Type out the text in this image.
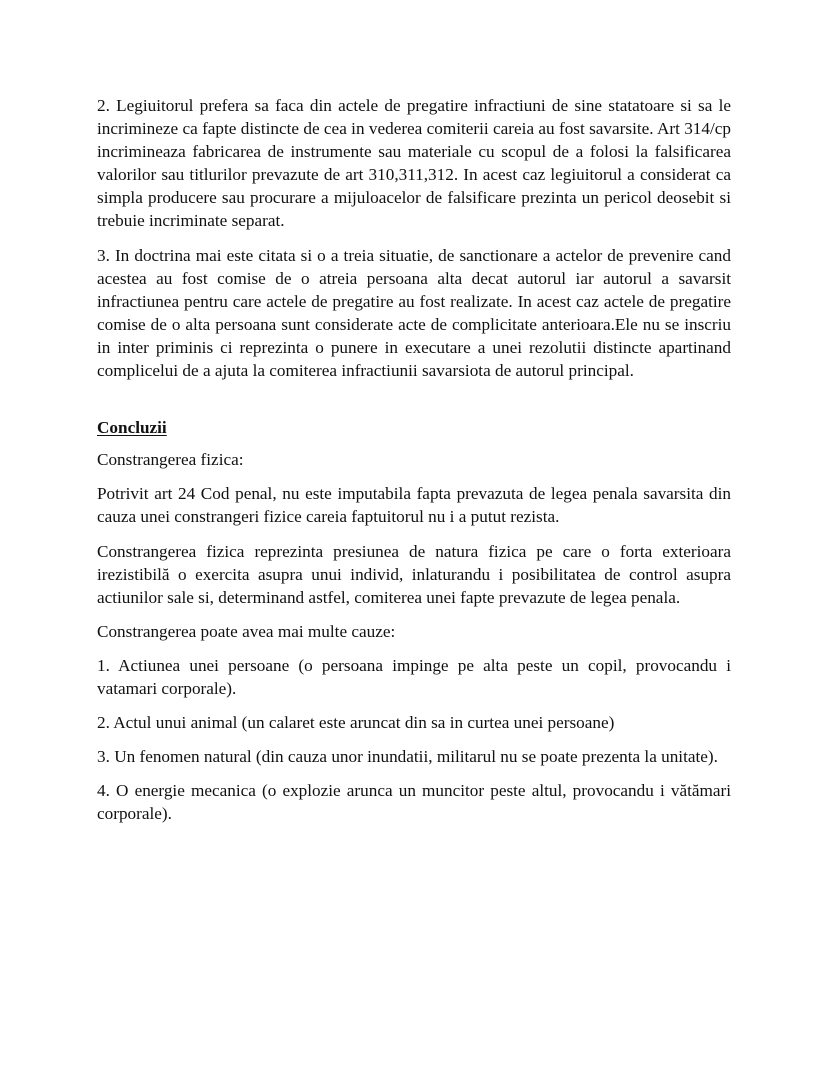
2. Legiuitorul prefera sa faca din actele de pregatire infractiuni de sine statatoare si sa le incrimineze ca fapte distincte de cea in vederea comiterii careia au fost savarsite. Art 314/cp incrimineaza fabricarea de instrumente sau materiale cu scopul de a folosi la falsificarea valorilor sau titlurilor prevazute de art 310,311,312. In acest caz legiuitorul a considerat ca simpla producere sau procurare a mijuloacelor de falsificare prezinta un pericol deosebit si trebuie incriminate separat.

3. In doctrina mai este citata si o a treia situatie, de sanctionare a actelor de prevenire cand acestea au fost comise de o atreia persoana alta decat autorul iar autorul a savarsit infractiunea pentru care actele de pregatire au fost realizate. In acest caz actele de pregatire comise de o alta persoana sunt considerate acte de complicitate anterioara.Ele nu se inscriu in inter priminis ci reprezinta o punere in executare a unei rezolutii distincte apartinand complicelui de a ajuta la comiterea infractiunii savarsiota de autorul principal.

Concluzii

Constrangerea fizica:

Potrivit art 24 Cod penal, nu este imputabila fapta prevazuta de legea penala savarsita din cauza unei constrangeri fizice careia faptuitorul nu i a putut rezista.

Constrangerea fizica reprezinta presiunea de natura fizica pe care o forta exterioara irezistibilă o exercita asupra unui individ, inlaturandu i posibilitatea de control asupra actiunilor sale si, determinand astfel, comiterea unei fapte prevazute de legea penala.

Constrangerea poate avea mai multe cauze:

1. Actiunea unei persoane (o persoana impinge pe alta peste un copil, provocandu i vatamari corporale).

2. Actul unui animal (un calaret este aruncat din sa in curtea unei persoane)

3. Un fenomen natural (din cauza unor inundatii, militarul nu se poate prezenta la unitate).

4. O energie mecanica (o explozie arunca un muncitor peste altul, provocandu i vătămari corporale).
